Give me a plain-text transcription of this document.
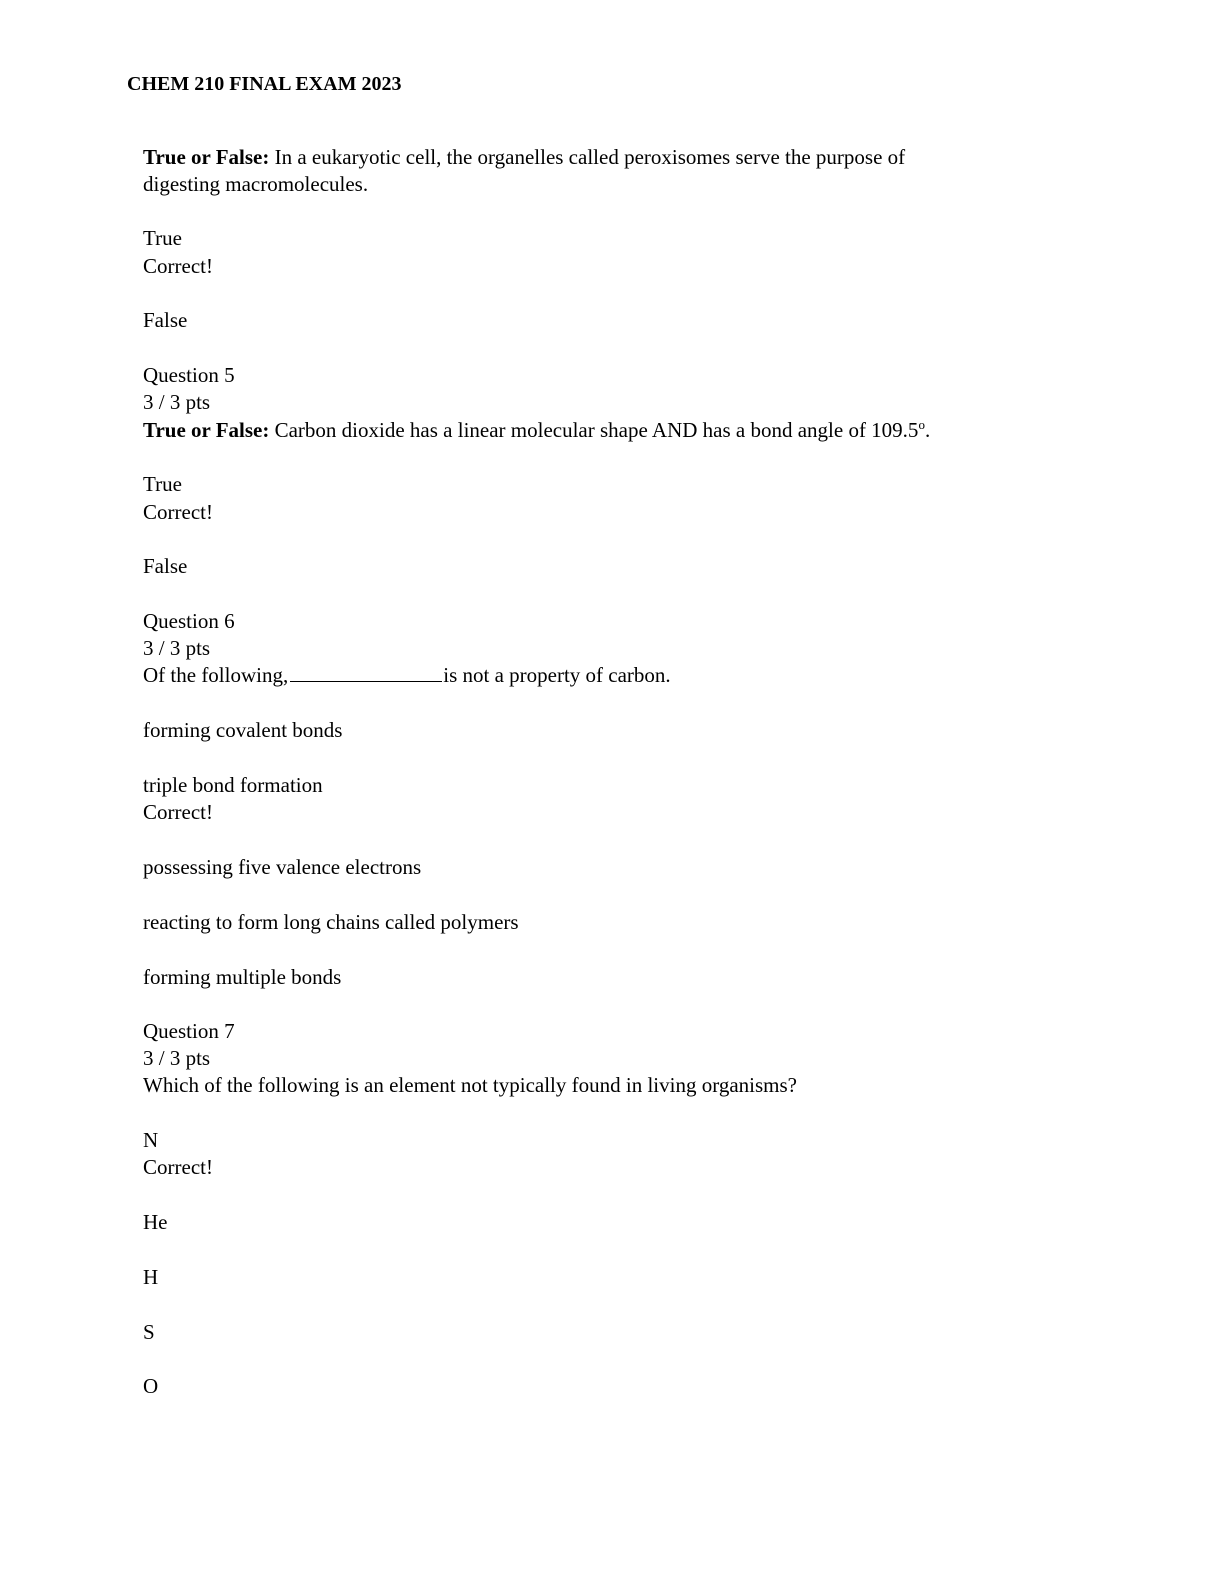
CHEM 210 FINAL EXAM 2023
True or False: In a eukaryotic cell, the organelles called peroxisomes serve the purpose of
digesting macromolecules.
True
Correct!
False
Question 5
3 / 3 pts
True or False: Carbon dioxide has a linear molecular shape AND has a bond angle of 109.5$^o$.
True
Correct!
False
Question 6
3 / 3 pts
Of the following,	is not a property of carbon.
forming covalent bonds
triple bond formation
Correct!
possessing five valence electrons
reacting to form long chains called polymers
forming multiple bonds
Question 7
3 / 3 pts
Which of the following is an element not typically found in living organisms?
N
Correct!
He
H
S
O
